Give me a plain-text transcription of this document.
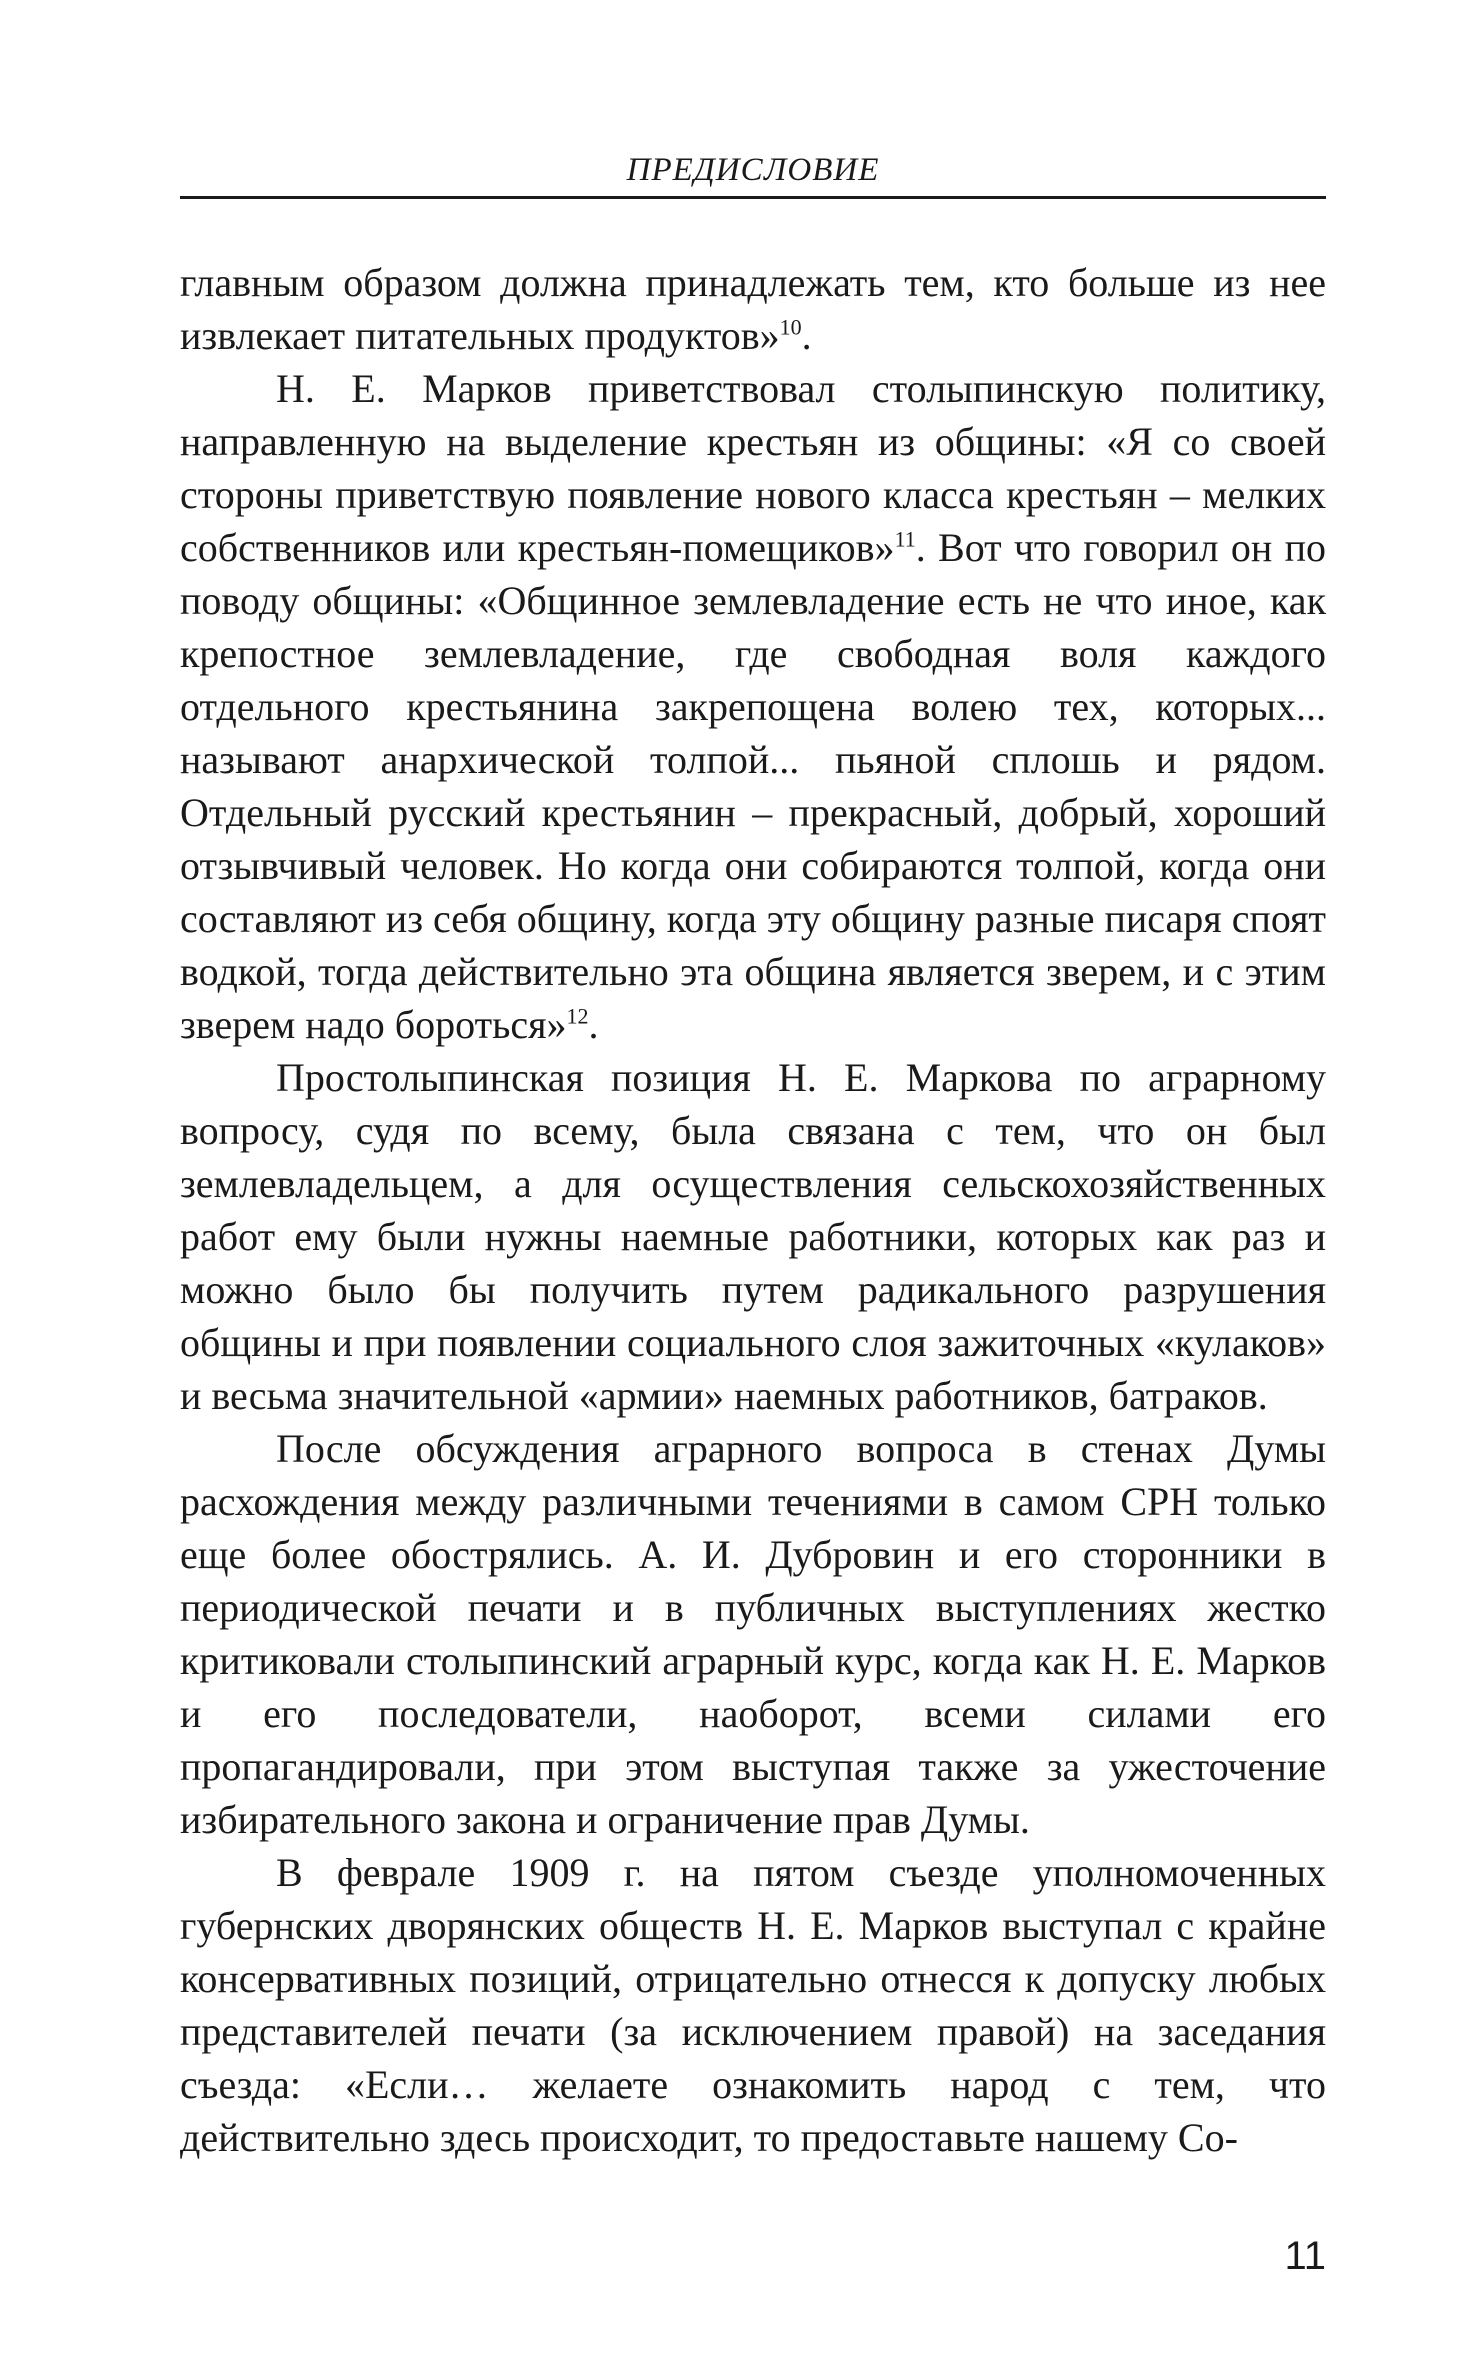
ПРЕДИСЛОВИЕ

главным образом должна принадлежать тем, кто больше из нее извлекает питательных продуктов»$^{10}$.

Н. Е. Марков приветствовал столыпинскую политику, направленную на выделение крестьян из общины: «Я со своей стороны приветствую появление нового класса крестьян – мелких собственников или крестьян-помещиков»$^{11}$. Вот что говорил он по поводу общины: «Общинное землевладение есть не что иное, как крепостное землевладение, где свободная воля каждого отдельного крестьянина закрепощена волею тех, которых... называют анархической толпой... пьяной сплошь и рядом. Отдельный русский крестьянин – прекрасный, добрый, хороший отзывчивый человек. Но когда они собираются толпой, когда они составляют из себя общину, когда эту общину разные писаря споят водкой, тогда действительно эта община является зверем, и с этим зверем надо бороться»$^{12}$.

Простолыпинская позиция Н. Е. Маркова по аграрному вопросу, судя по всему, была связана с тем, что он был землевладельцем, а для осуществления сельскохозяйственных работ ему были нужны наемные работники, которых как раз и можно было бы получить путем радикального разрушения общины и при появлении социального слоя зажиточных «кулаков» и весьма значительной «армии» наемных работников, батраков.

После обсуждения аграрного вопроса в стенах Думы расхождения между различными течениями в самом СРН только еще более обострялись. А. И. Дубровин и его сторонники в периодической печати и в публичных выступлениях жестко критиковали столыпинский аграрный курс, когда как Н. Е. Марков и его последователи, наоборот, всеми силами его пропагандировали, при этом выступая также за ужесточение избирательного закона и ограничение прав Думы.

В феврале 1909 г. на пятом съезде уполномоченных губернских дворянских обществ Н. Е. Марков выступал с крайне консервативных позиций, отрицательно отнесся к допуску любых представителей печати (за исключением правой) на заседания съезда: «Если… желаете ознакомить народ с тем, что действительно здесь происходит, то предоставьте нашему Со-

11
